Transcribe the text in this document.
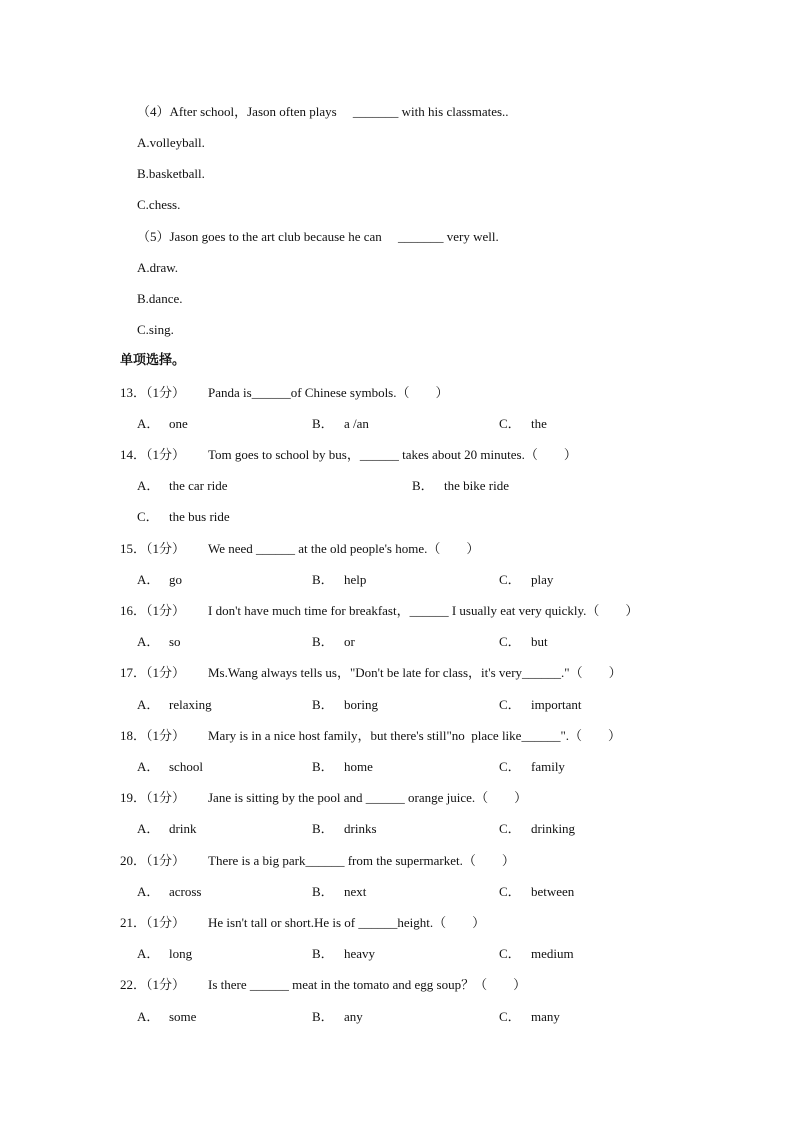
（4）After school，Jason often plays     _______ with his classmates..
A.volleyball.
B.basketball.
C.chess.
（5）Jason goes to the art club because he can     _______ very well.
A.draw.
B.dance.
C.sing.
单项选择。
13．（1分） Panda is______of Chinese symbols.（        ）
A． one	B． a /an	C． the
14．（1分） Tom goes to school by bus，______ takes about 20 minutes.（        ）
A． the car ride	B． the bike ride
C． the bus ride
15．（1分） We need ______ at the old people's home.（        ）
A． go	B． help	C． play
16．（1分） I don't have much time for breakfast，______ I usually eat very quickly.（        ）
A． so	B． or	C． but
17．（1分） Ms.Wang always tells us，"Don't be late for class，it's very______."（        ）
A． relaxing	B． boring	C． important
18．（1分） Mary is in a nice host family，but there's still"no  place like______".（        ）
A． school	B． home	C． family
19．（1分） Jane is sitting by the pool and ______ orange juice.（        ）
A． drink	B． drinks	C． drinking
20．（1分） There is a big park______ from the supermarket.（        ）
A． across	B． next	C． between
21．（1分） He isn't tall or short.He is of ______height.（        ）
A． long	B． heavy	C． medium
22．（1分） Is there ______ meat in the tomato and egg soup？（        ）
A． some	B． any	C． many
